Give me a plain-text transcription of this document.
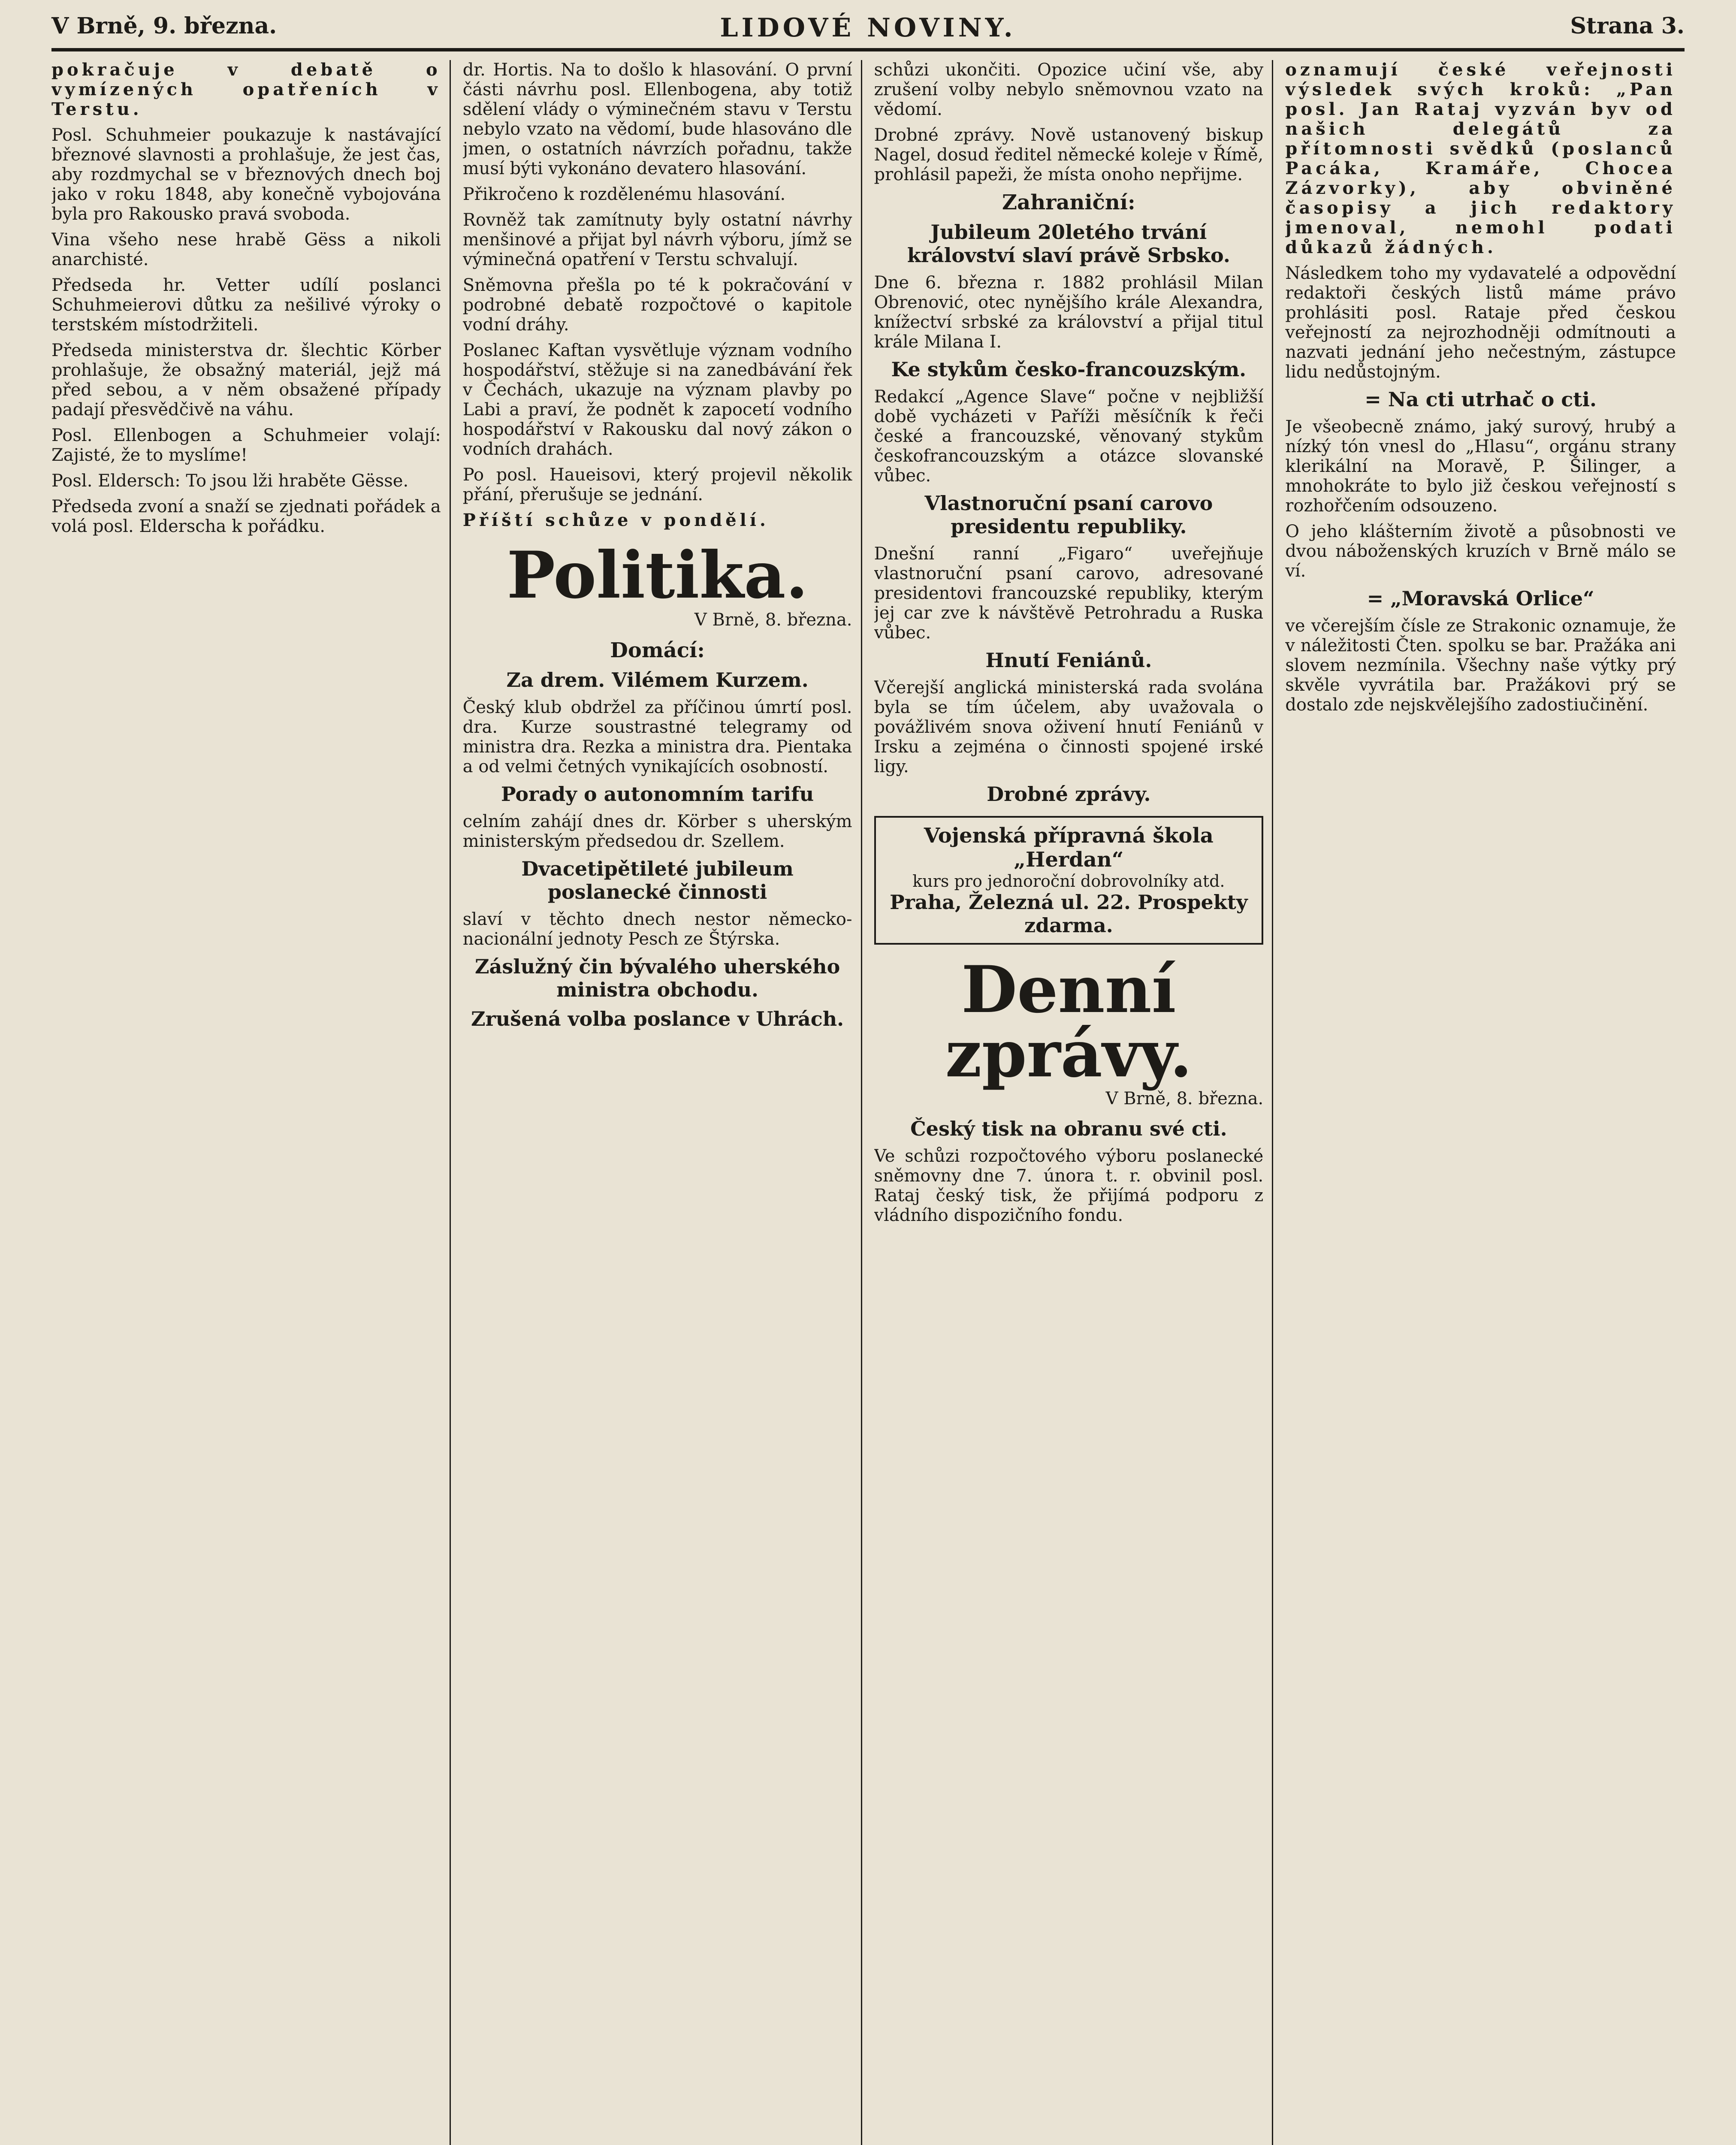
V Brně, 9. března.	LIDOVÉ NOVINY.	Strana 3.

pokračuje v debatě o vymízených opatřeních v Terstu.

Posl. Schuhmeier poukazuje k nastávající březnové slavnosti a prohlašuje, že jest čas, aby rozdmychal se v březnových dnech boj jako v roku 1848, aby konečně vybojována byla pro Rakousko pravá svoboda.

Vina všeho nese hrabě Gëss a nikoli anarchisté.

Předseda hr. Vetter udílí poslanci Schuhmeierovi důtku za nešilivé výroky o terstském místodržiteli.

Předseda ministerstva dr. šlechtic Körber prohlašuje, že obsažný materiál, jejž má před sebou, a v něm obsažené případy padají přesvědčivě na váhu.

Posl. Ellenbogen a Schuhmeier volají: Zajisté, že to myslíme!

Posl. Eldersch: To jsou lži hraběte Gësse.

Předseda zvoní a snaží se zjednati pořádek a volá posl. Elderscha k pořádku.

dr. Hortis. Na to došlo k hlasování. O první části návrhu posl. Ellenbogena, aby totiž sdělení vlády o výminečném stavu v Terstu nebylo vzato na vědomí, bude hlasováno dle jmen, o ostatních návrzích pořadnu, takže musí býti vykonáno devatero hlasování.

Přikročeno k rozdělenému hlasování.

Rovněž tak zamítnuty byly ostatní návrhy menšinové a přijat byl návrh výboru, jímž se výminečná opatření v Terstu schvalují.

Sněmovna přešla po té k pokračování v podrobné debatě rozpočtové o kapitole vodní dráhy.

Poslanec Kaftan vysvětluje význam vodního hospodářství, stěžuje si na zanedbávání řek v Čechách, ukazuje na význam plavby po Labi a praví, že podnět k zapocetí vodního hospodářství v Rakousku dal nový zákon o vodních drahách.

Po posl. Haueisovi, který projevil několik přání, přerušuje se jednání.

Příští schůze v pondělí.

Politika.
V Brně, 8. března.
Domácí:
Za drem. Vilémem Kurzem.

Český klub obdržel za příčinou úmrtí posl. dra. Kurze soustrastné telegramy od ministra dra. Rezka a ministra dra. Pientaka a od velmi četných vynikajících osobností.

Porady o autonomním tarifu

celním zahájí dnes dr. Körber s uherským ministerským předsedou dr. Szellem.

Dvacetipětileté jubileum poslanecké činnosti

slaví v těchto dnech nestor německo-nacionální jednoty Pesch ze Štýrska.

Záslužný čin bývalého uherského ministra obchodu.
Zrušená volba poslance v Uhrách.

schůzi ukončiti. Opozice učiní vše, aby zrušení volby nebylo sněmovnou vzato na vědomí.

Drobné zprávy. Nově ustanovený biskup Nagel, dosud ředitel německé koleje v Římě, prohlásil papeži, že místa onoho nepřijme.

Zahraniční:
Jubileum 20letého trvání království slaví právě Srbsko.

Dne 6. března r. 1882 prohlásil Milan Obrenović, otec nynějšího krále Alexandra, knížectví srbské za království a přijal titul krále Milana I.

Ke stykům česko-francouzským.

Redakcí „Agence Slave“ počne v nejbližší době vycházeti v Paříži měsíčník k řeči české a francouzské, věnovaný stykům českofrancouzským a otázce slovanské vůbec.

Vlastnoruční psaní carovo presidentu republiky.

Dnešní ranní „Figaro“ uveřejňuje vlastnoruční psaní carovo, adresované presidentovi francouzské republiky, kterým jej car zve k návštěvě Petrohradu a Ruska vůbec.

Hnutí Feniánů.

Včerejší anglická ministerská rada svolána byla se tím účelem, aby uvažovala o povážlivém snova oživení hnutí Feniánů v Irsku a zejména o činnosti spojené irské ligy.

Drobné zprávy.
Vojenská přípravná škola „Herdan“
kurs pro jednoroční dobrovolníky atd.
Praha, Železná ul. 22. Prospekty zdarma.
Denní zprávy.
V Brně, 8. března.
Český tisk na obranu své cti.

Ve schůzi rozpočtového výboru poslanecké sněmovny dne 7. února t. r. obvinil posl. Rataj český tisk, že přijímá podporu z vládního dispozičního fondu.

oznamují české veřejnosti výsledek svých kroků: „Pan posl. Jan Rataj vyzván byv od našich delegátů za přítomnosti svědků (poslanců Pacáka, Kramáře, Chocea Zázvorky), aby obviněné časopisy a jich redaktory jmenoval, nemohl podati důkazů žádných.

Následkem toho my vydavatelé a odpovědní redaktoři českých listů máme právo prohlásiti posl. Rataje před českou veřejností za nejrozhodněji odmítnouti a nazvati jednání jeho nečestným, zástupce lidu nedůstojným.

= Na cti utrhač o cti.

Je všeobecně známo, jaký surový, hrubý a nízký tón vnesl do „Hlasu“, orgánu strany klerikální na Moravě, P. Šilinger, a mnohokráte to bylo již českou veřejností s rozhořčením odsouzeno.

O jeho klášterním životě a působnosti ve dvou náboženských kruzích v Brně málo se ví.

= „Moravská Orlice“

ve včerejším čísle ze Strakonic oznamuje, že v náležitosti Čten. spolku se bar. Pražáka ani slovem nezmínila. Všechny naše výtky prý skvěle vyvrátila bar. Pražákovi prý se dostalo zde nejskvělejšího zadostiučinění.
